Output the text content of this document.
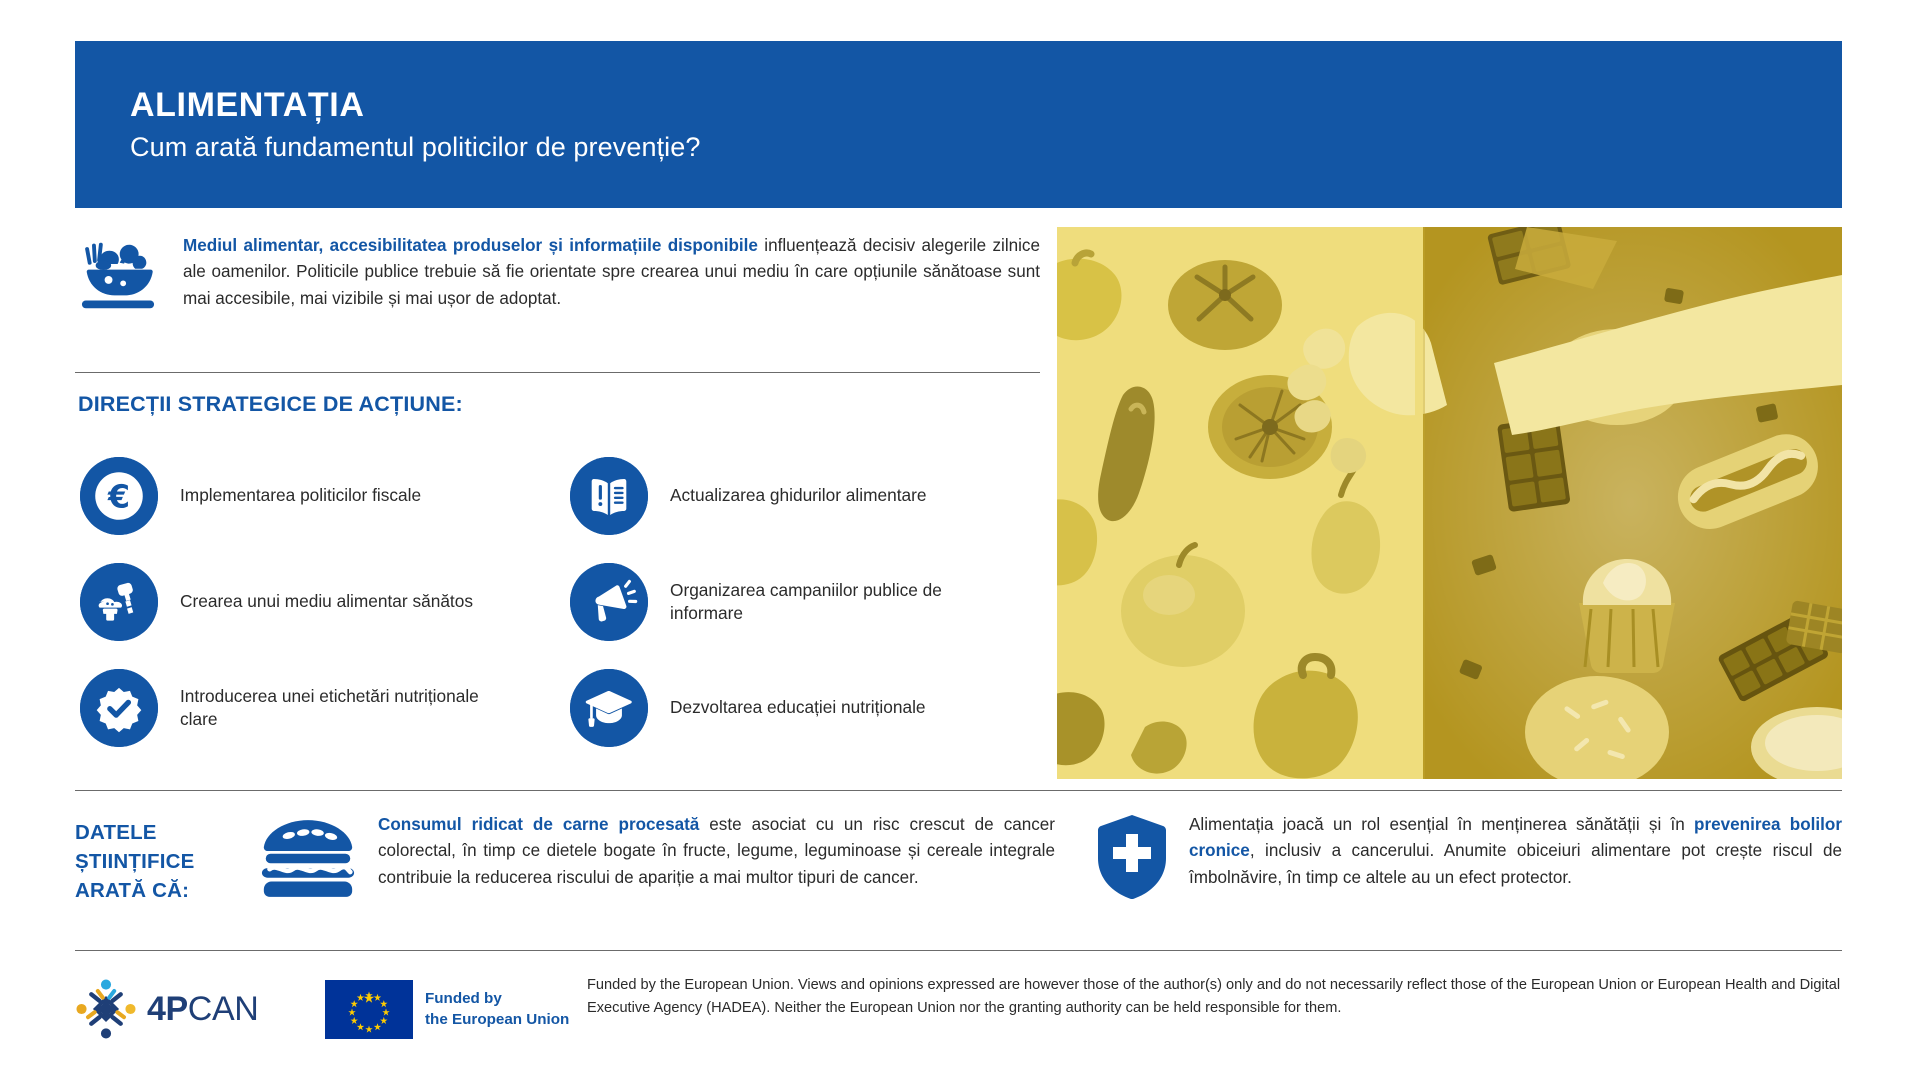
ALIMENTAȚIA
Cum arată fundamentul politicilor de prevenție?
Mediul alimentar, accesibilitatea produselor și informațiile disponibile influențează decisiv alegerile zilnice ale oamenilor. Politicile publice trebuie să fie orientate spre crearea unui mediu în care opțiunile sănătoase sunt mai accesibile, mai vizibile și mai ușor de adoptat.
DIRECȚII STRATEGICE DE ACȚIUNE:
€	Implementarea politicilor fiscale	Actualizarea ghidurilor alimentare
Crearea unui mediu alimentar sănătos
Organizarea campaniilor publice de informare
Introducerea unei etichetări nutriționale clare
Dezvoltarea educației nutriționale
DATELE ȘTIINȚIFICE ARATĂ CĂ:
Consumul ridicat de carne procesată este asociat cu un risc crescut de cancer colorectal, în timp ce dietele bogate în fructe, legume, leguminoase și cereale integrale contribuie la reducerea riscului de apariție a mai multor tipuri de cancer.
Alimentația joacă un rol esențial în menținerea sănătății și în prevenirea bolilor cronice, inclusiv a cancerului. Anumite obiceiuri alimentare pot crește riscul de îmbolnăvire, în timp ce altele au un efect protector.
4P CAN	Funded by
the European Union
Funded by the European Union. Views and opinions expressed are however those of the author(s) only and do not necessarily reflect those of the European Union or European Health and Digital Executive Agency (HADEA). Neither the European Union nor the granting authority can be held responsible for them.
